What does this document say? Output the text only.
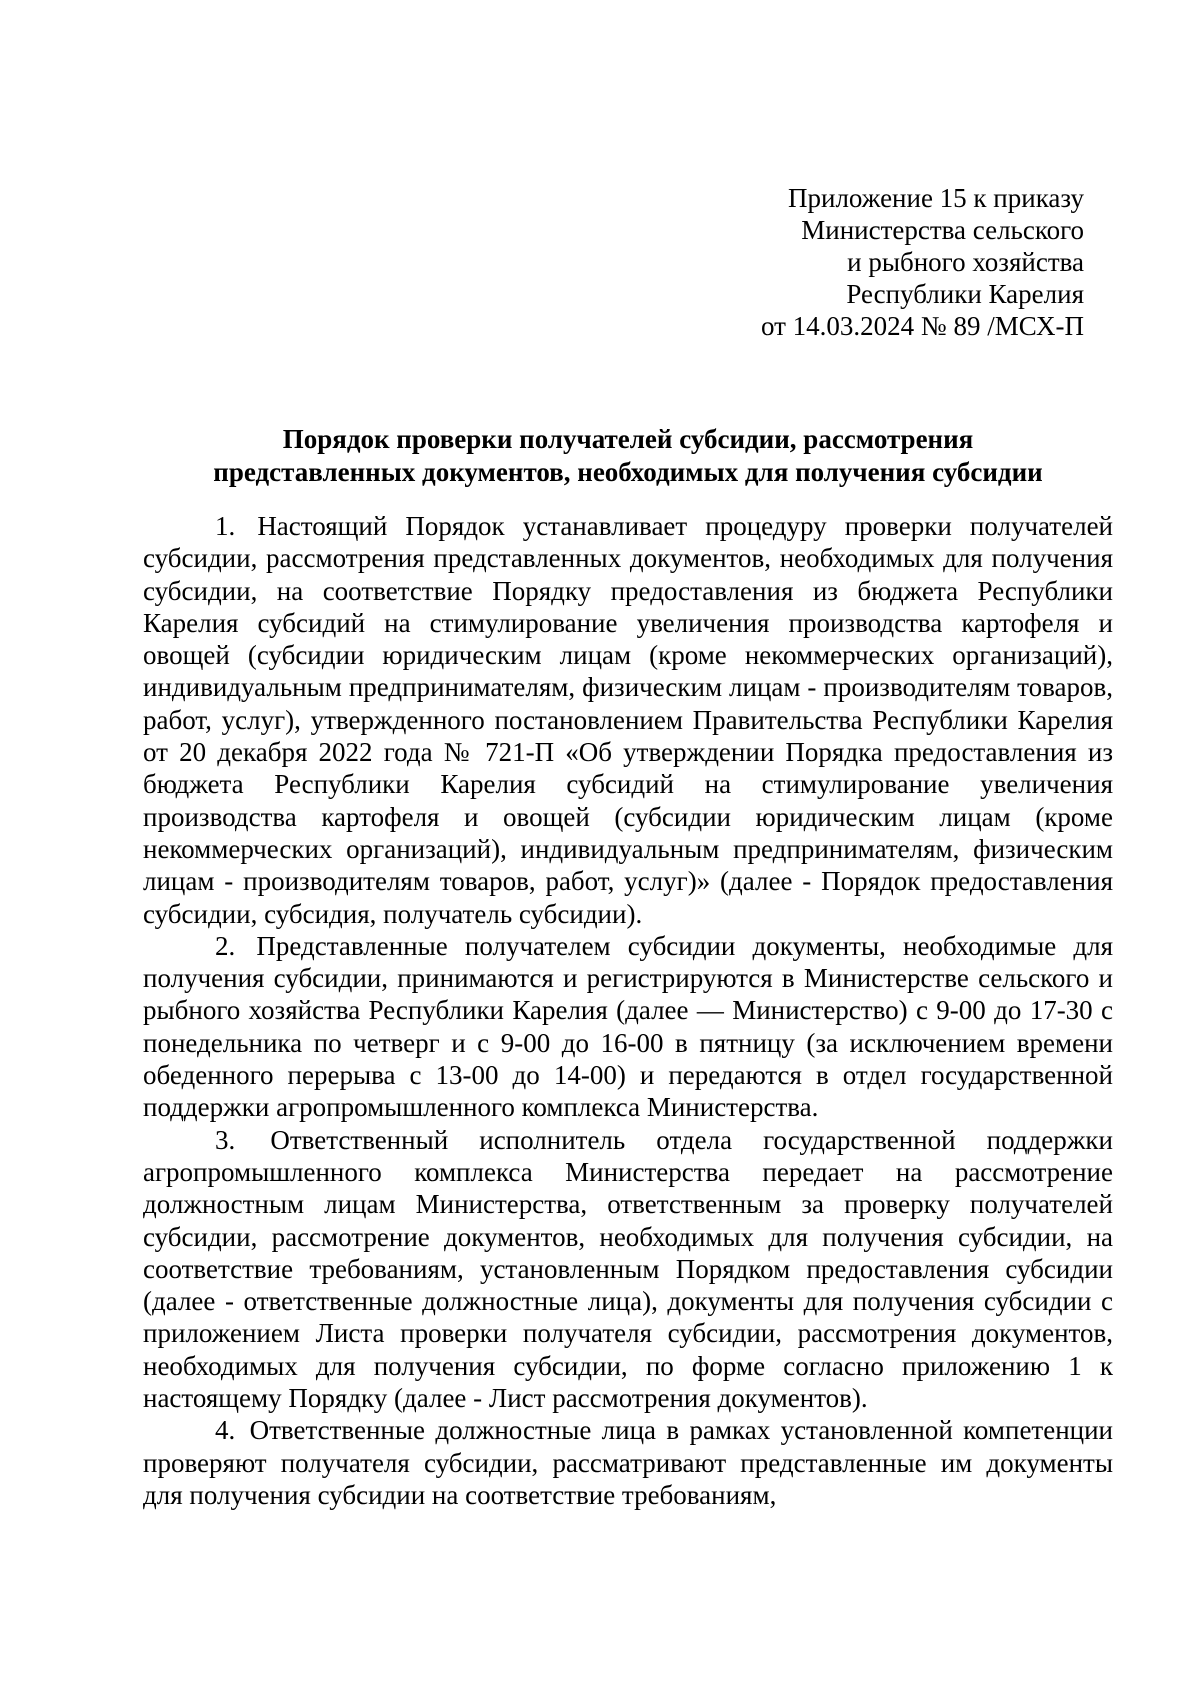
Приложение 15 к приказу
Министерства сельского
и рыбного хозяйства
Республики Карелия
от 14.03.2024 № 89 /МСХ-П
Порядок проверки получателей субсидии, рассмотрения
представленных документов, необходимых для получения субсидии

1. Настоящий Порядок устанавливает процедуру проверки получателей субсидии, рассмотрения представленных документов, необходимых для получения субсидии, на соответствие Порядку предоставления из бюджета Республики Карелия субсидий на стимулирование увеличения производства картофеля и овощей (субсидии юридическим лицам (кроме некоммерческих организаций), индивидуальным предпринимателям, физическим лицам - производителям товаров, работ, услуг), утвержденного постановлением Правительства Республики Карелия от 20 декабря 2022 года № 721-П «Об утверждении Порядка предоставления из бюджета Республики Карелия субсидий на стимулирование увеличения производства картофеля и овощей (субсидии юридическим лицам (кроме некоммерческих организаций), индивидуальным предпринимателям, физическим лицам - производителям товаров, работ, услуг)» (далее - Порядок предоставления субсидии, субсидия, получатель субсидии).

2. Представленные получателем субсидии документы, необходимые для получения субсидии, принимаются и регистрируются в Министерстве сельского и рыбного хозяйства Республики Карелия (далее — Министерство) с 9-00 до 17-30 с понедельника по четверг и с 9-00 до 16-00 в пятницу (за исключением времени обеденного перерыва с 13-00 до 14-00) и передаются в отдел государственной поддержки агропромышленного комплекса Министерства.

3. Ответственный исполнитель отдела государственной поддержки агропромышленного комплекса Министерства передает на рассмотрение должностным лицам Министерства, ответственным за проверку получателей субсидии, рассмотрение документов, необходимых для получения субсидии, на соответствие требованиям, установленным Порядком предоставления субсидии (далее - ответственные должностные лица), документы для получения субсидии с приложением Листа проверки получателя субсидии, рассмотрения документов, необходимых для получения субсидии, по форме согласно приложению 1 к настоящему Порядку (далее - Лист рассмотрения документов).

4. Ответственные должностные лица в рамках установленной компетенции проверяют получателя субсидии, рассматривают представленные им документы для получения субсидии на соответствие требованиям,
